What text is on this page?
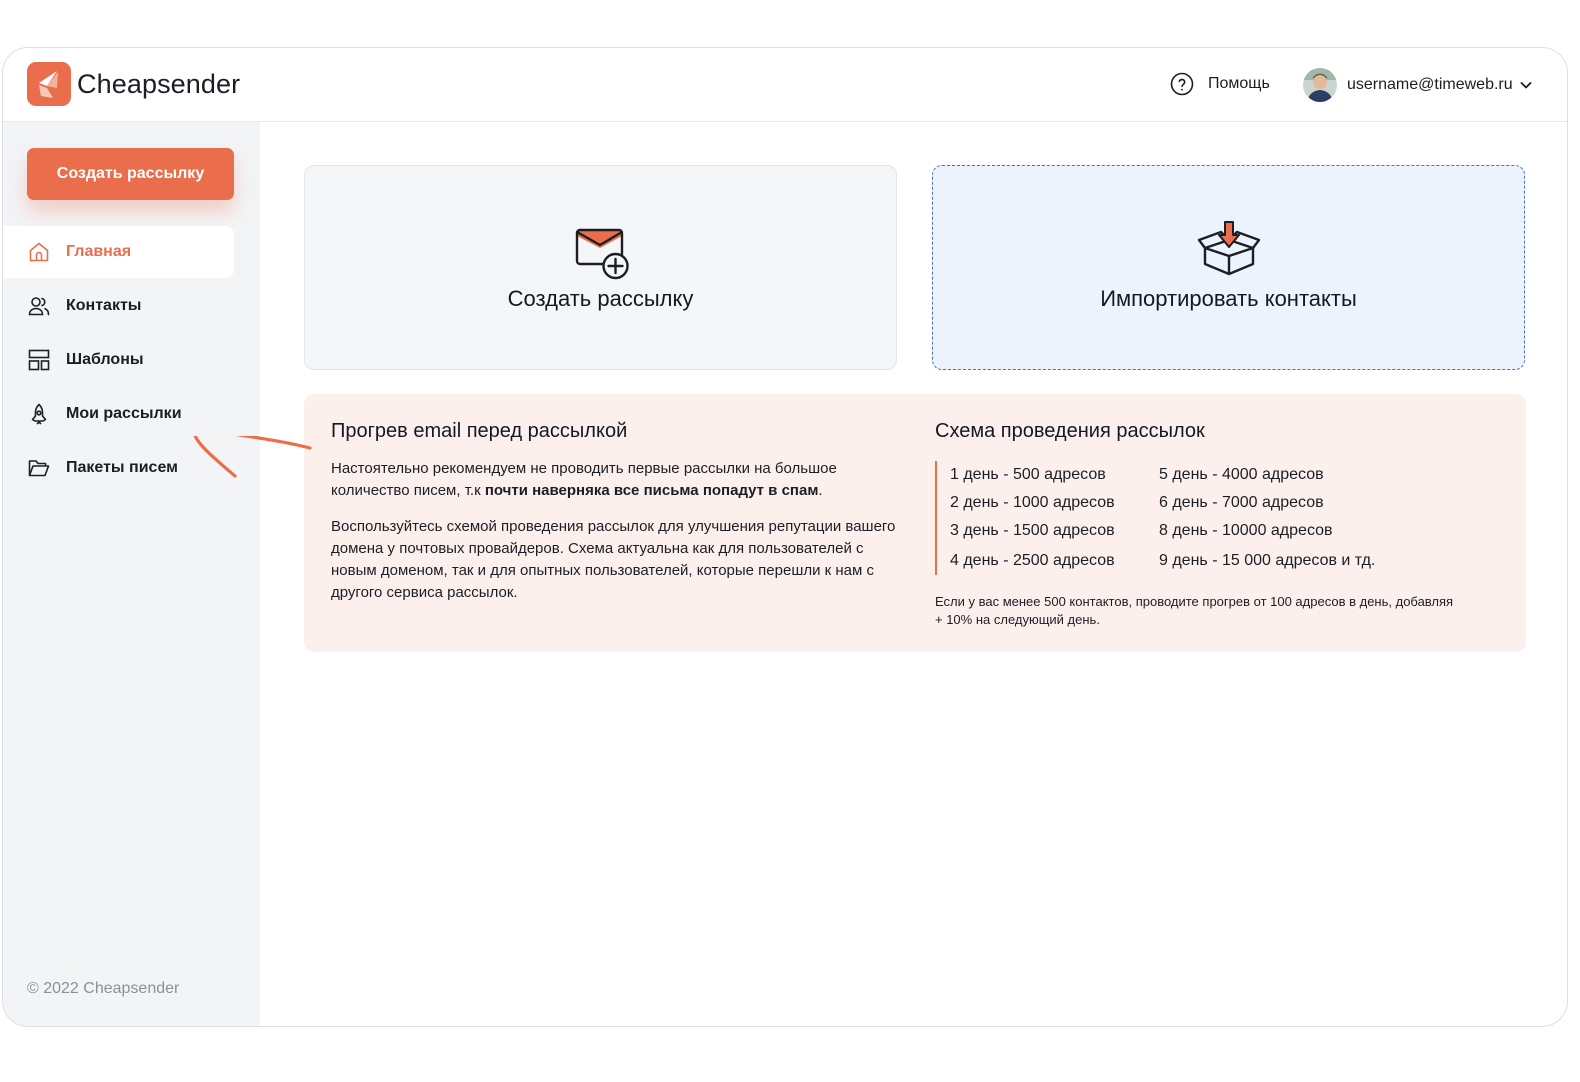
Cheapsender	Помощь	username@timeweb.ru
Создать рассылку
Главная
Контакты
Шаблоны
Мои рассылки
Пакеты писем
© 2022 Cheapsender
Создать рассылку	Импортировать контакты
Прогрев email перед рассылкой

Настоятельно рекомендуем не проводить первые рассылки на большое количество писем, т.к почти наверняка все письма попадут в спам.

Воспользуйтесь схемой проведения рассылок для улучшения репутации вашего домена у почтовых провайдеров. Схема актуальна как для пользователей с новым доменом, так и для опытных пользователей, которые перешли к нам с другого сервиса рассылок.

Схема проведения рассылок
1 день - 500 адресов	5 день - 4000 адресов
2 день - 1000 адресов	6 день - 7000 адресов
3 день - 1500 адресов	8 день - 10000 адресов
4 день - 2500 адресов	9 день - 15 000 адресов и тд.

Если у вас менее 500 контактов, проводите прогрев от 100 адресов в день, добавляя + 10% на следующий день.
